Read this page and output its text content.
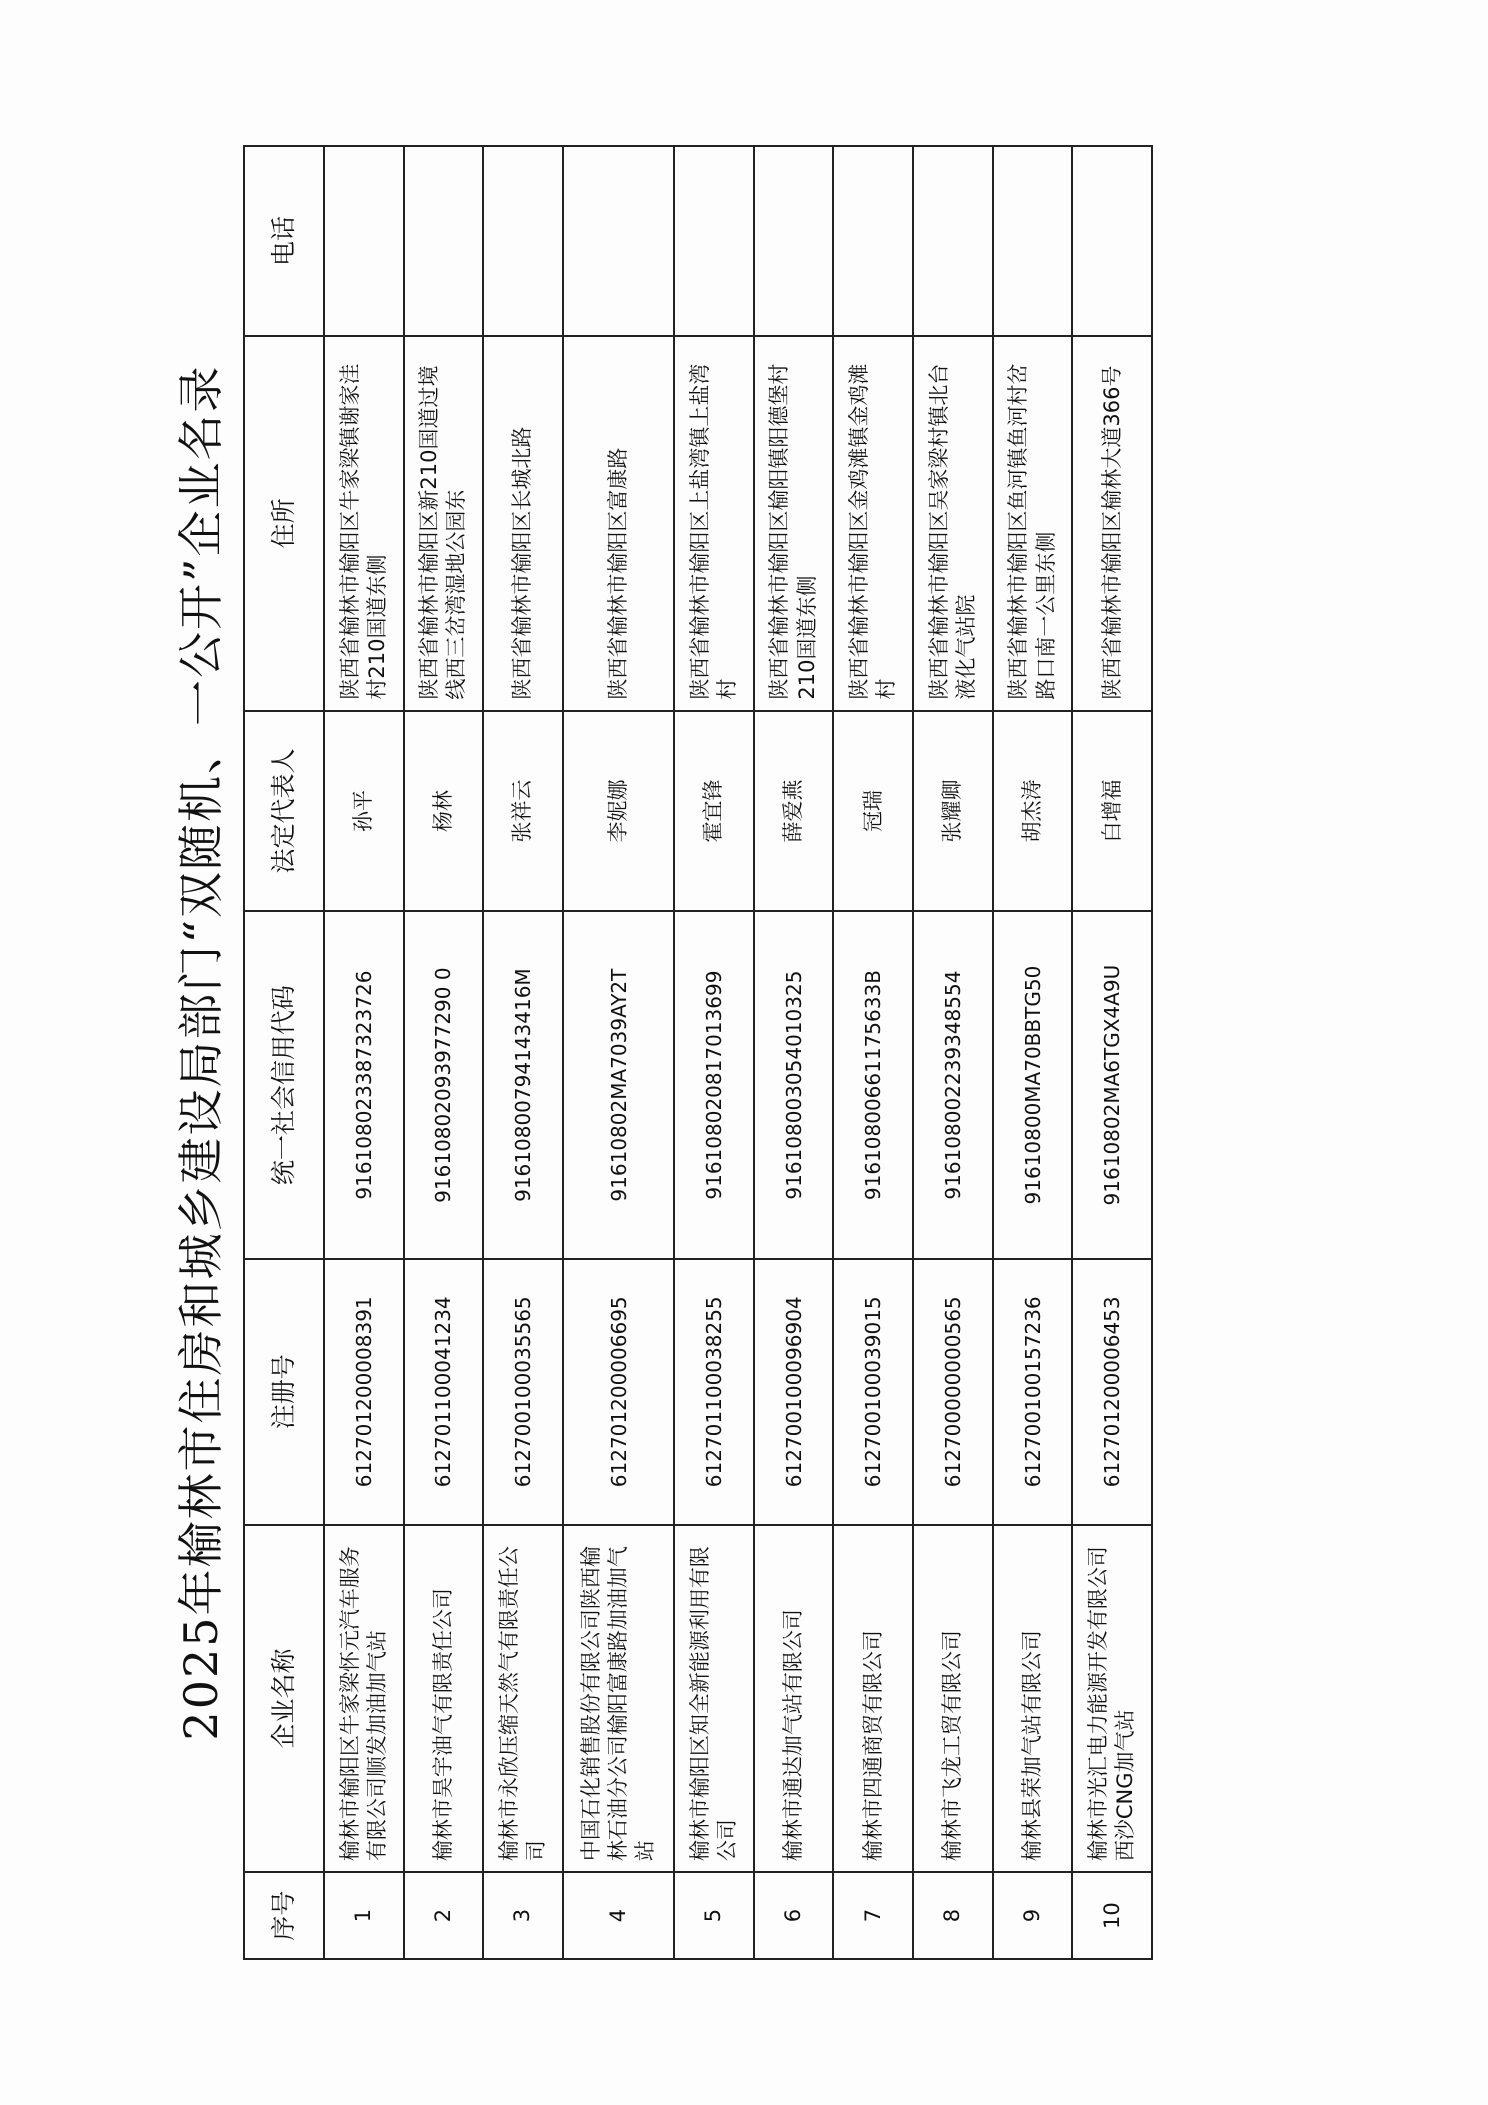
2025年榆林市住房和城乡建设局部门“双随机、一公开”企业名录
序号	企业名称	注册号	统一社会信用代码	法定代表人	住所	电话
1	榆林市榆阳区牛家梁怀元汽车服务有限公司顺发加油加气站	612701200008391	916108023387323726	孙平	陕西省榆林市榆阳区牛家梁镇谢家洼村210国道东侧	
2	榆林市昊宇油气有限责任公司	612701100041234	91610802093977290 0	杨林	陕西省榆林市榆阳区新210国道过境线西三岔湾湿地公园东	
3	榆林市永欣压缩天然气有限责任公司	612700100035565	91610800794143416M	张祥云	陕西省榆林市榆阳区长城北路	
4	中国石化销售股份有限公司陕西榆林石油分公司榆阳富康路加油加气站	612701200006695	91610802MA7039AY2T	李妮娜	陕西省榆林市榆阳区富康路	
5	榆林市榆阳区知全新能源利用有限公司	612701100038255	916108020817013699	霍宜锋	陕西省榆林市榆阳区上盐湾镇上盐湾村	
6	榆林市通达加气站有限公司	612700100096904	916108003054010325	薛爱燕	陕西省榆林市榆阳区榆阳镇阳德堡村210国道东侧	
7	榆林市四通商贸有限公司	612700100039015	91610800661175633B	冠瑞	陕西省榆林市榆阳区金鸡滩镇金鸡滩村	
8	榆林市飞龙工贸有限公司	612700000000565	916108002239348554	张耀卿	陕西省榆林市榆阳区吴家梁村镇北台液化气站院	
9	榆林县荣加气站有限公司	612700100157236	91610800MA70BBTG50	胡杰涛	陕西省榆林市榆阳区鱼河镇鱼河村岔路口南一公里东侧	
10	榆林市光汇电力能源开发有限公司西沙CNG加气站	612701200006453	91610802MA6TGX4A9U	白增福	陕西省榆林市榆阳区榆林大道366号	
